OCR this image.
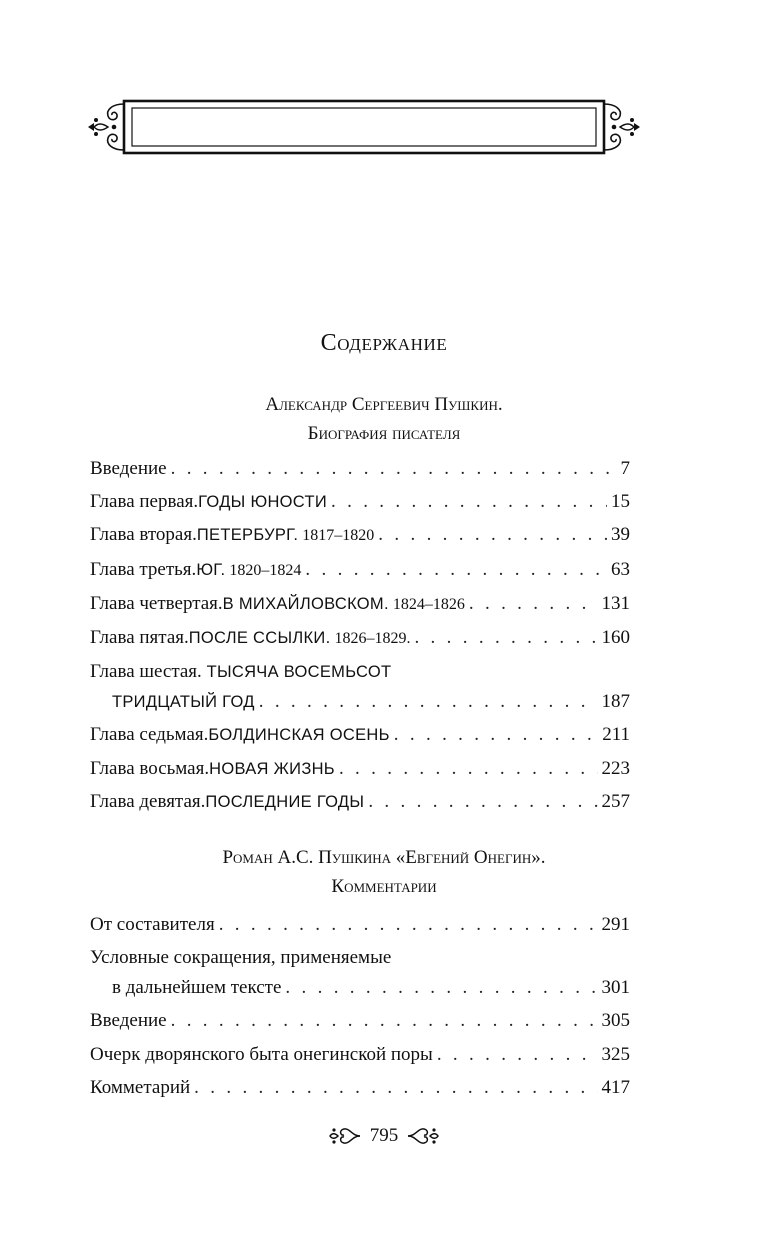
Содержание
Александр Сергеевич Пушкин.
Биография писателя
Введение . . .	7
Глава первая. ГОДЫ ЮНОСТИ . . .	15
Глава вторая. ПЕТЕРБУРГ. 1817–1820 . . .	39
Глава третья. ЮГ. 1820–1824 . . .	63
Глава четвертая. В МИХАЙЛОВСКОМ. 1824–1826 . . .	131
Глава пятая. ПОСЛЕ ССЫЛКИ. 1826–1829. . . .	160
Глава шестая. ТЫСЯЧА ВОСЕМЬСОТ
ТРИДЦАТЫЙ ГОД . . .	187
Глава седьмая. БОЛДИНСКАЯ ОСЕНЬ . . .	211
Глава восьмая. НОВАЯ ЖИЗНЬ . . .	223
Глава девятая. ПОСЛЕДНИЕ ГОДЫ . . .	257
Роман А.С. Пушкина «Евгений Онегин».
Комментарии
От составителя . . .	291
Условные сокращения, применяемые
в дальнейшем тексте . . .	301
Введение . . .	305
Очерк дворянского быта онегинской поры . . .	325
Комметарий . . .	417
795
